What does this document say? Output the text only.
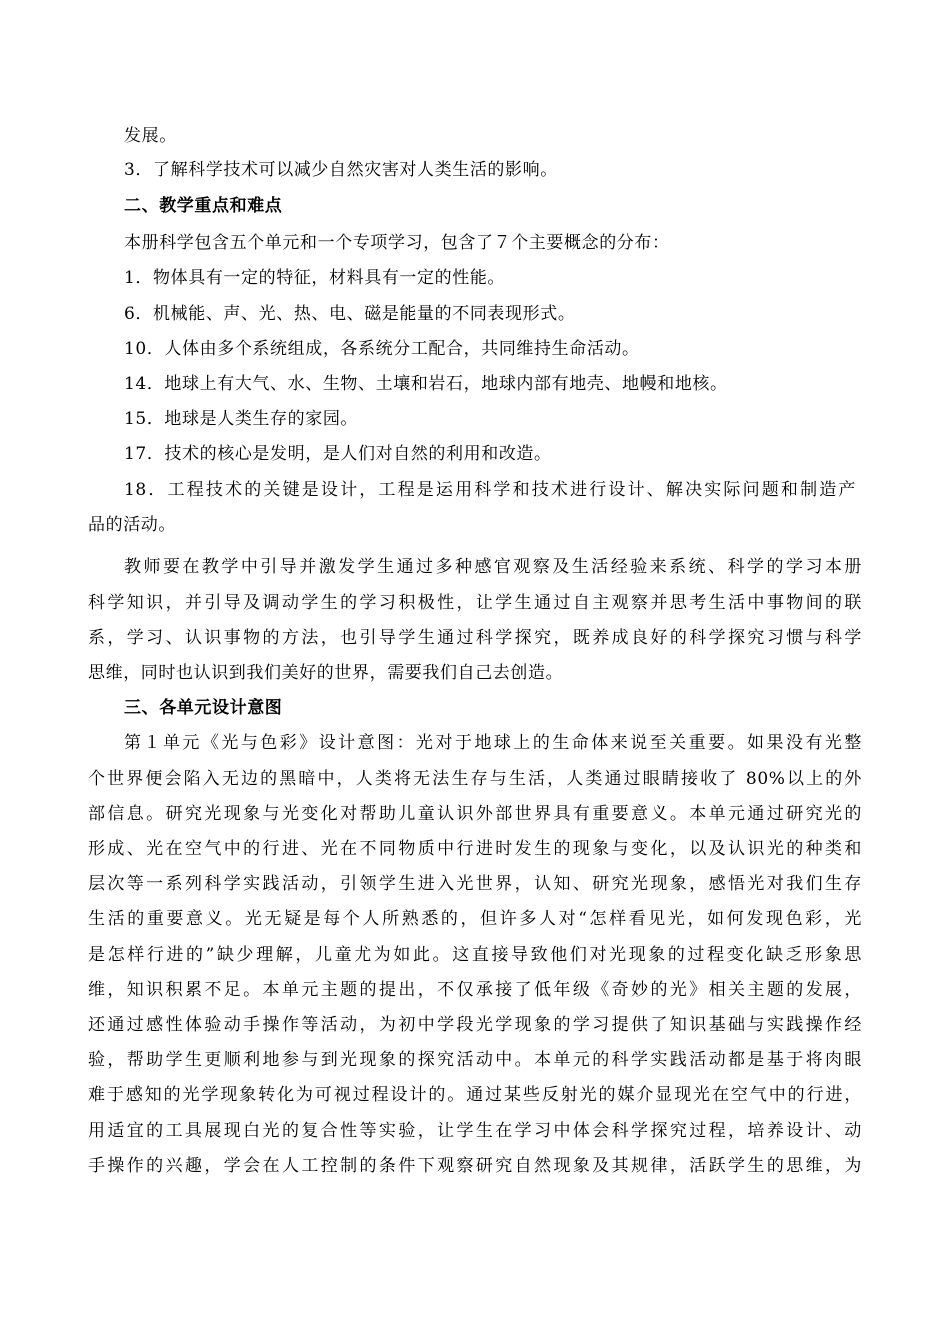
发展。
3．了解科学技术可以减少自然灾害对人类生活的影响。
二、教学重点和难点
本册科学包含五个单元和一个专项学习，包含了７个主要概念的分布：
1．物体具有一定的特征，材料具有一定的性能。
6．机械能、声、光、热、电、磁是能量的不同表现形式。
10．人体由多个系统组成，各系统分工配合，共同维持生命活动。
14．地球上有大气、水、生物、土壤和岩石，地球内部有地壳、地幔和地核。
15．地球是人类生存的家园。
17．技术的核心是发明，是人们对自然的利用和改造。
18．工程技术的关键是设计，工程是运用科学和技术进行设计、解决实际问题和制造产
品的活动。
教师要在教学中引导并激发学生通过多种感官观察及生活经验来系统、科学的学习本册
科学知识，并引导及调动学生的学习积极性，让学生通过自主观察并思考生活中事物间的联
系，学习、认识事物的方法，也引导学生通过科学探究，既养成良好的科学探究习惯与科学
思维，同时也认识到我们美好的世界，需要我们自己去创造。
三、各单元设计意图
第１单元《光与色彩》设计意图：光对于地球上的生命体来说至关重要。如果没有光整
个世界便会陷入无边的黑暗中，人类将无法生存与生活，人类通过眼睛接收了 80%以上的外
部信息。研究光现象与光变化对帮助儿童认识外部世界具有重要意义。本单元通过研究光的
形成、光在空气中的行进、光在不同物质中行进时发生的现象与变化，以及认识光的种类和
层次等一系列科学实践活动，引领学生进入光世界，认知、研究光现象，感悟光对我们生存
生活的重要意义。光无疑是每个人所熟悉的，但许多人对“怎样看见光，如何发现色彩，光
是怎样行进的”缺少理解，儿童尤为如此。这直接导致他们对光现象的过程变化缺乏形象思
维，知识积累不足。本单元主题的提出，不仅承接了低年级《奇妙的光》相关主题的发展，
还通过感性体验动手操作等活动，为初中学段光学现象的学习提供了知识基础与实践操作经
验，帮助学生更顺利地参与到光现象的探究活动中。本单元的科学实践活动都是基于将肉眼
难于感知的光学现象转化为可视过程设计的。通过某些反射光的媒介显现光在空气中的行进，
用适宜的工具展现白光的复合性等实验，让学生在学习中体会科学探究过程，培养设计、动
手操作的兴趣，学会在人工控制的条件下观察研究自然现象及其规律，活跃学生的思维，为
